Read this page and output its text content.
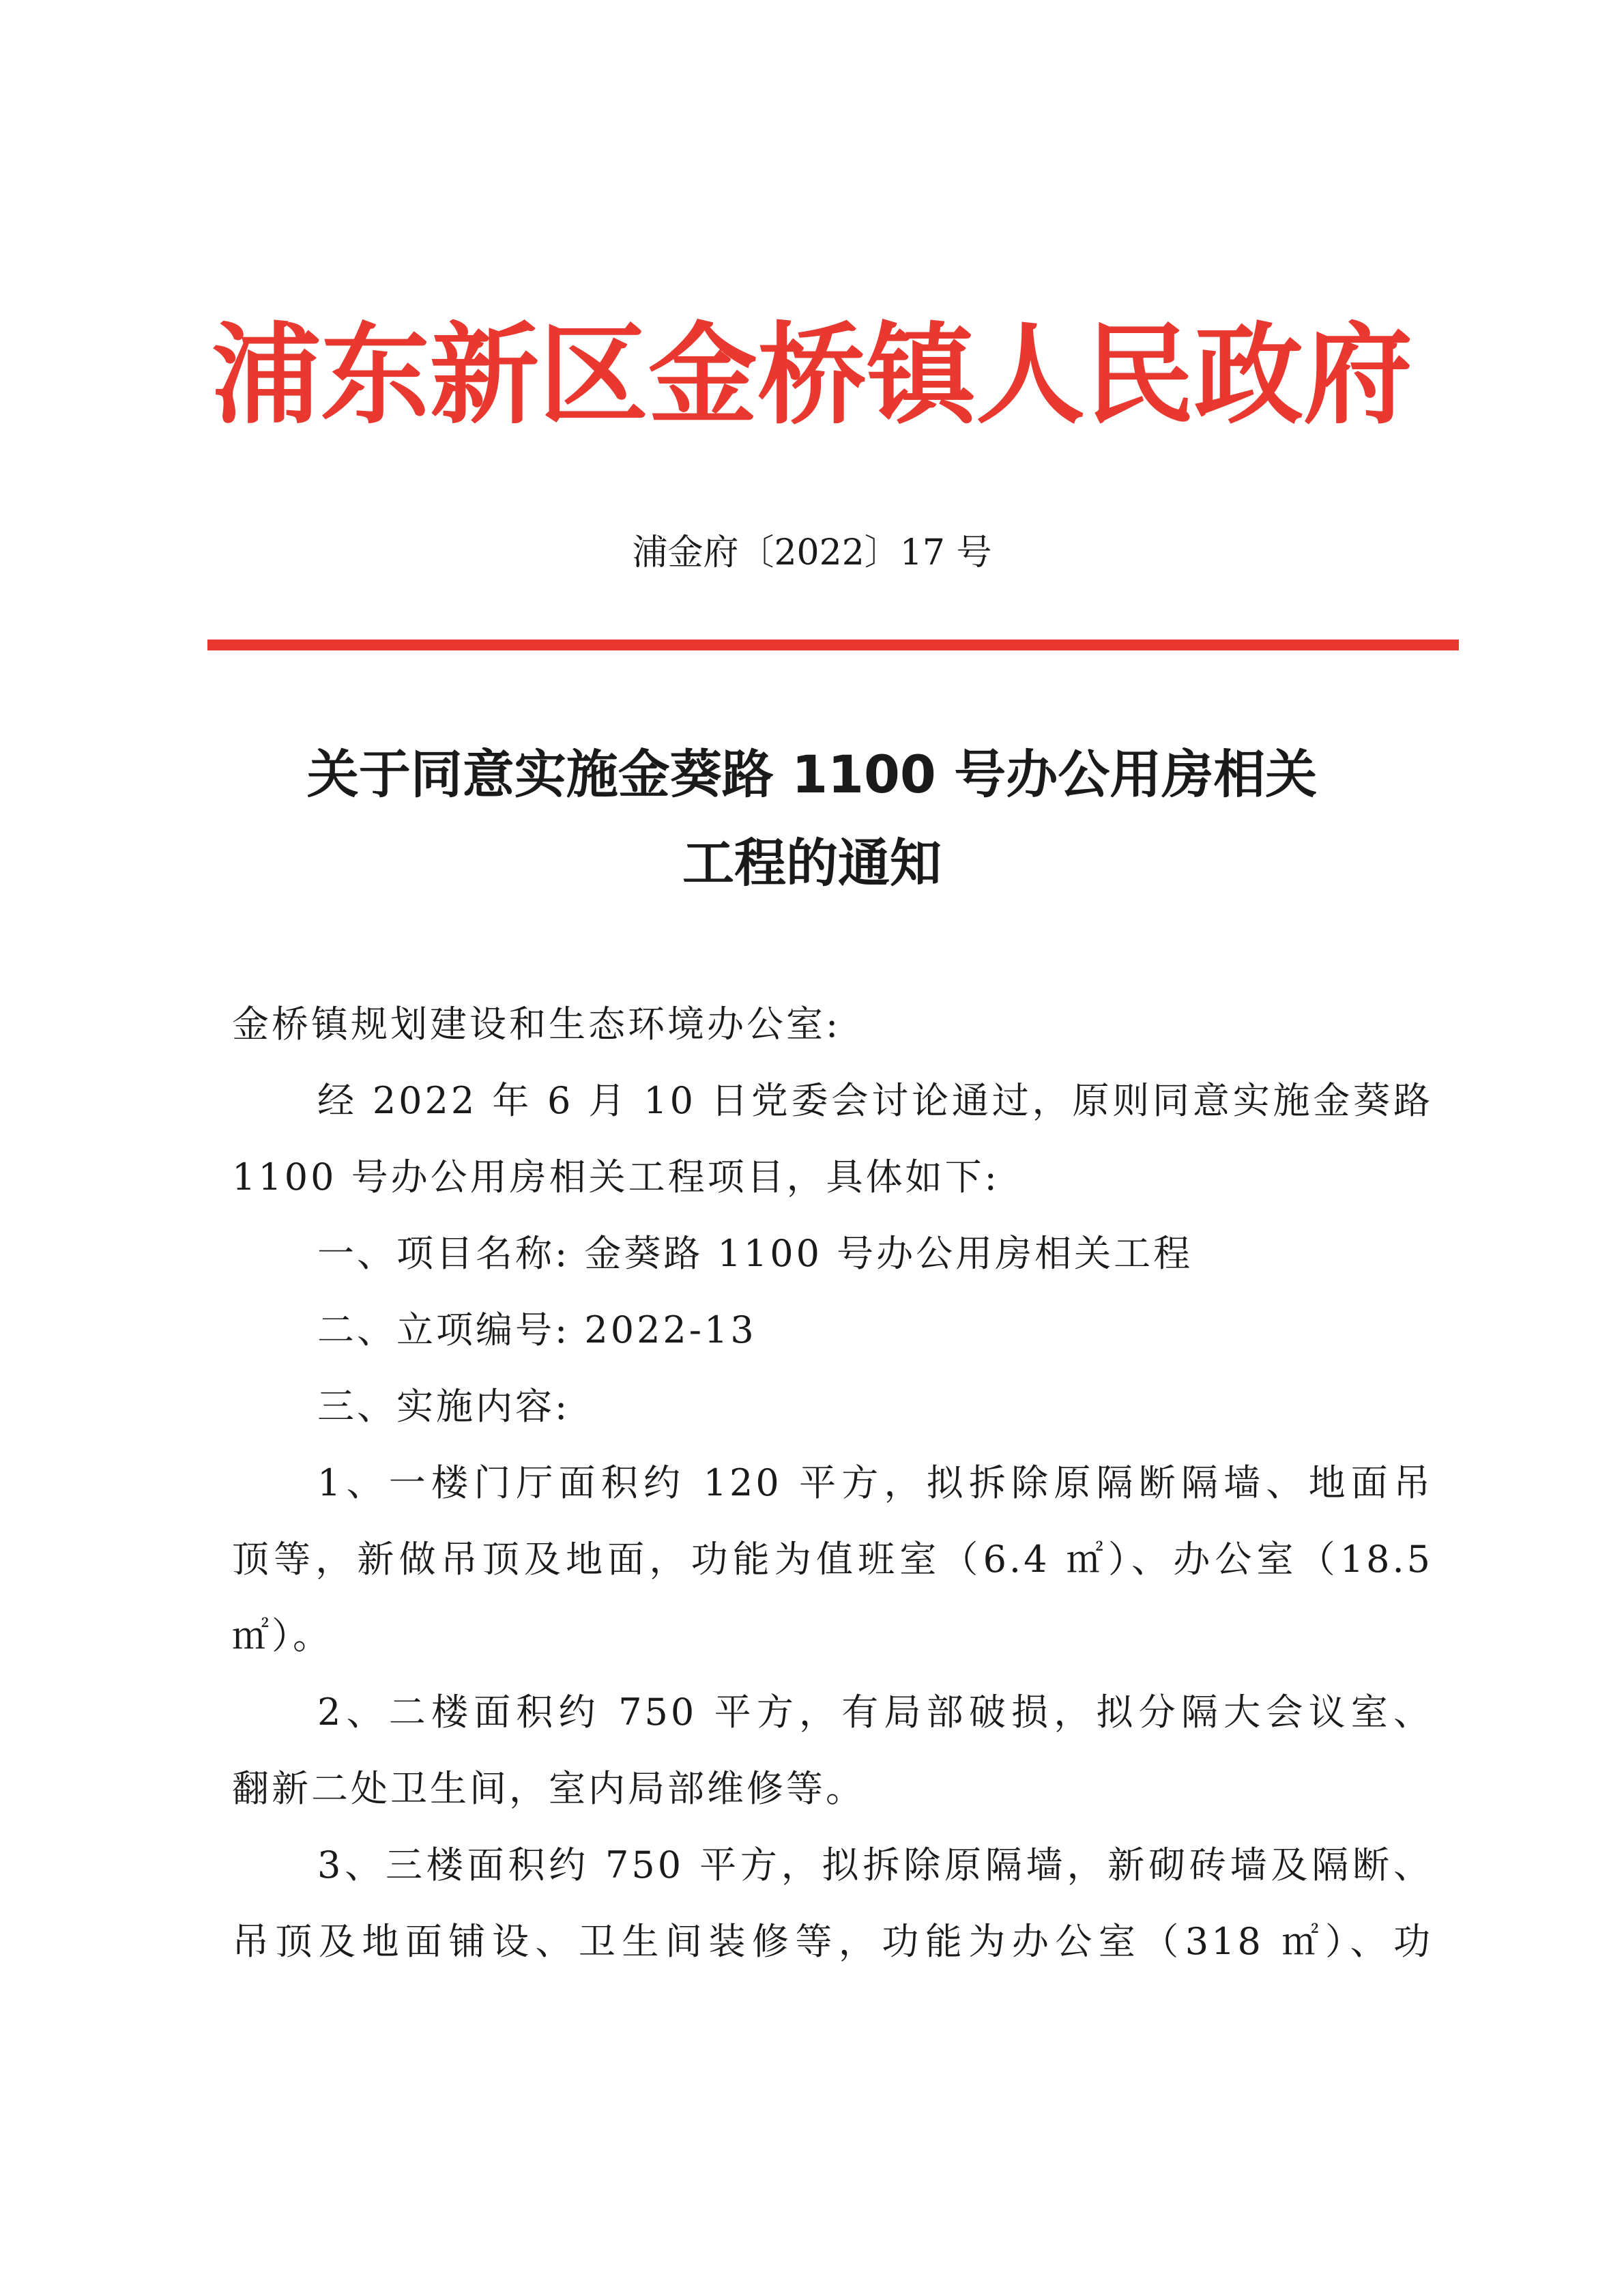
浦东新区金桥镇人民政府
浦金府〔2022〕17 号
关于同意实施金葵路 1100 号办公用房相关
工程的通知
金桥镇规划建设和生态环境办公室:
经 2022 年 6 月 10 日党委会讨论通过，原则同意实施金葵路
1100 号办公用房相关工程项目，具体如下:
一、项目名称: 金葵路 1100 号办公用房相关工程
二、立项编号: 2022-13
三、实施内容:
1、一楼门厅面积约 120 平方，拟拆除原隔断隔墙、地面吊
顶等，新做吊顶及地面，功能为值班室（6.4 ㎡）、办公室（18.5
㎡）。
2、二楼面积约 750 平方，有局部破损，拟分隔大会议室、
翻新二处卫生间，室内局部维修等。
3、三楼面积约 750 平方，拟拆除原隔墙，新砌砖墙及隔断、
吊顶及地面铺设、卫生间装修等，功能为办公室（318 ㎡）、功
